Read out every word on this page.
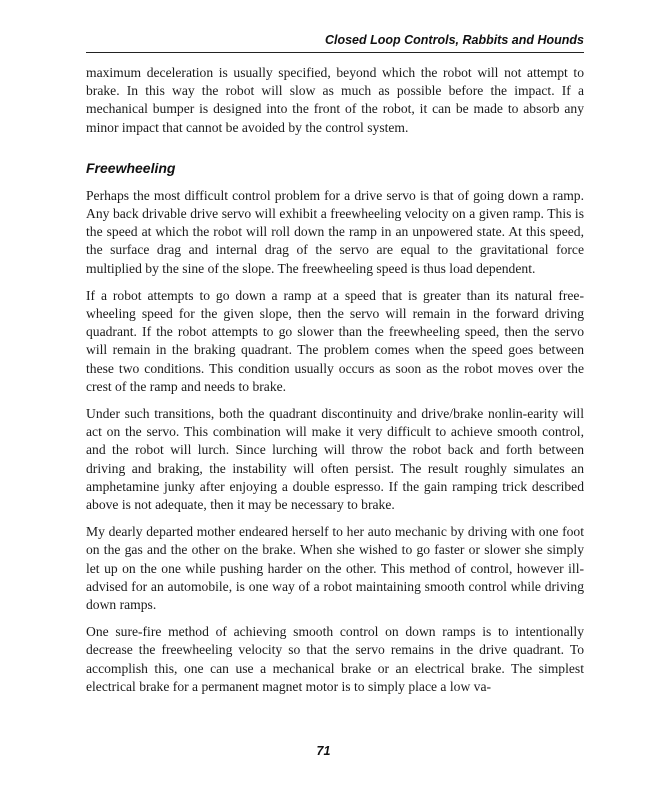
Closed Loop Controls, Rabbits and Hounds

maximum deceleration is usually specified, beyond which the robot will not attempt to brake. In this way the robot will slow as much as possible before the impact. If a mechanical bumper is designed into the front of the robot, it can be made to absorb any minor impact that cannot be avoided by the control system.

Freewheeling

Perhaps the most difficult control problem for a drive servo is that of going down a ramp. Any back drivable drive servo will exhibit a freewheeling velocity on a given ramp. This is the speed at which the robot will roll down the ramp in an unpowered state. At this speed, the surface drag and internal drag of the servo are equal to the gravitational force multiplied by the sine of the slope. The freewheeling speed is thus load dependent.

If a robot attempts to go down a ramp at a speed that is greater than its natural free-wheeling speed for the given slope, then the servo will remain in the forward driving quadrant. If the robot attempts to go slower than the freewheeling speed, then the servo will remain in the braking quadrant. The problem comes when the speed goes between these two conditions. This condition usually occurs as soon as the robot moves over the crest of the ramp and needs to brake.

Under such transitions, both the quadrant discontinuity and drive/brake nonlin-earity will act on the servo. This combination will make it very difficult to achieve smooth control, and the robot will lurch. Since lurching will throw the robot back and forth between driving and braking, the instability will often persist. The result roughly simulates an amphetamine junky after enjoying a double espresso. If the gain ramping trick described above is not adequate, then it may be necessary to brake.

My dearly departed mother endeared herself to her auto mechanic by driving with one foot on the gas and the other on the brake. When she wished to go faster or slower she simply let up on the one while pushing harder on the other. This method of control, however ill-advised for an automobile, is one way of a robot maintaining smooth control while driving down ramps.

One sure-fire method of achieving smooth control on down ramps is to intentionally decrease the freewheeling velocity so that the servo remains in the drive quadrant. To accomplish this, one can use a mechanical brake or an electrical brake. The simplest electrical brake for a permanent magnet motor is to simply place a low va-

71
